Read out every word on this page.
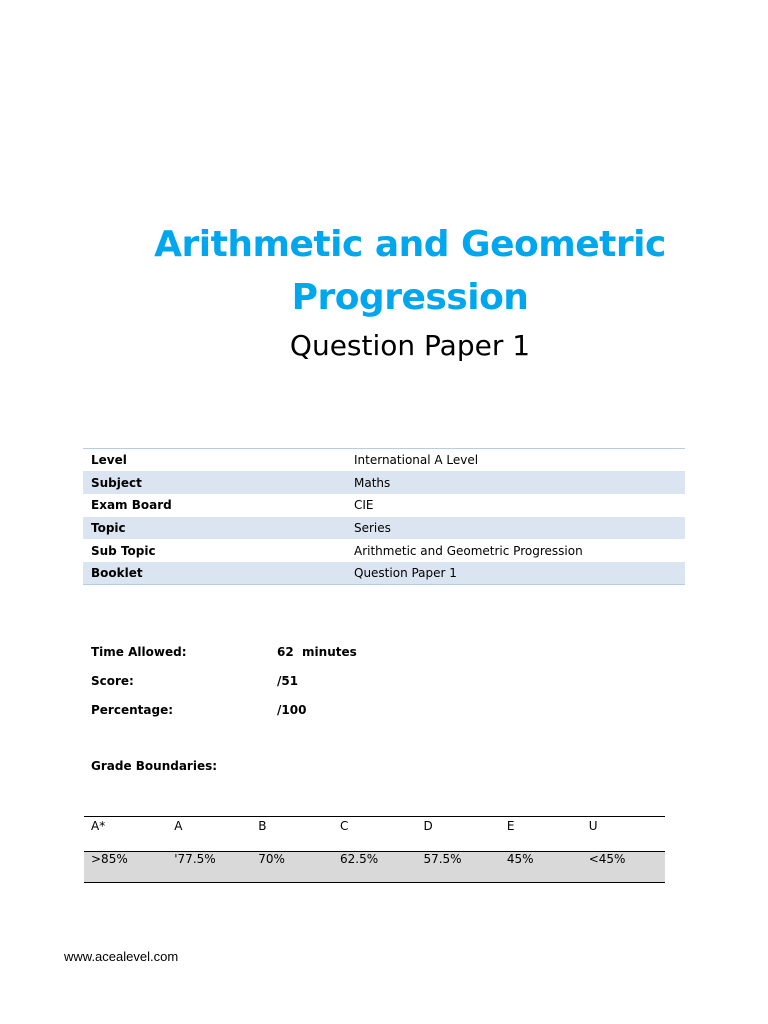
Arithmetic and Geometric
Progression
Question Paper 1
Level	International A Level
Subject	Maths
Exam Board	CIE
Topic	Series
Sub Topic	Arithmetic and Geometric Progression
Booklet	Question Paper 1
Time Allowed:	62  minutes
Score:	/51
Percentage:	/100
Grade Boundaries:
A*	A	B	C	D	E	U
>85%	'77.5%	70%	62.5%	57.5%	45%	<45%
www.acealevel.com
